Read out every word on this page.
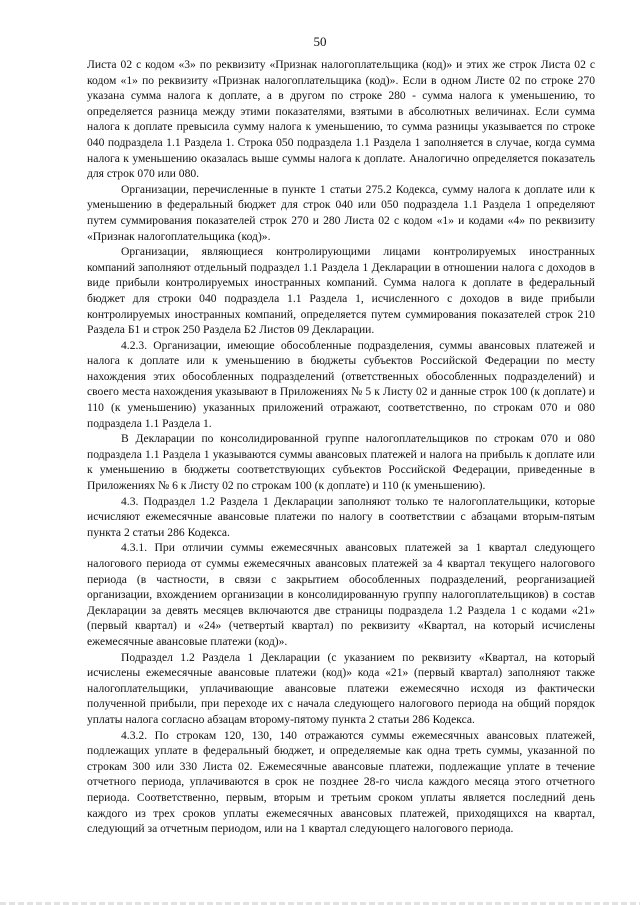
50

Листа 02 с кодом «3» по реквизиту «Признак налогоплательщика (код)» и этих же строк Листа 02 с кодом «1» по реквизиту «Признак налогоплательщика (код)». Если в одном Листе 02 по строке 270 указана сумма налога к доплате, а в другом по строке 280 - сумма налога к уменьшению, то определяется разница между этими показателями, взятыми в абсолютных величинах. Если сумма налога к доплате превысила сумму налога к уменьшению, то сумма разницы указывается по строке 040 подраздела 1.1 Раздела 1. Строка 050 подраздела 1.1 Раздела 1 заполняется в случае, когда сумма налога к уменьшению оказалась выше суммы налога к доплате. Аналогично определяется показатель для строк 070 или 080.

Организации, перечисленные в пункте 1 статьи 275.2 Кодекса, сумму налога к доплате или к уменьшению в федеральный бюджет для строк 040 или 050 подраздела 1.1 Раздела 1 определяют путем суммирования показателей строк 270 и 280 Листа 02 с кодом «1» и кодами «4» по реквизиту «Признак налогоплательщика (код)».

Организации, являющиеся контролирующими лицами контролируемых иностранных компаний заполняют отдельный подраздел 1.1 Раздела 1 Декларации в отношении налога с доходов в виде прибыли контролируемых иностранных компаний. Сумма налога к доплате в федеральный бюджет для строки 040 подраздела 1.1 Раздела 1, исчисленного с доходов в виде прибыли контролируемых иностранных компаний, определяется путем суммирования показателей строк 210 Раздела Б1 и строк 250 Раздела Б2 Листов 09 Декларации.

4.2.3. Организации, имеющие обособленные подразделения, суммы авансовых платежей и налога к доплате или к уменьшению в бюджеты субъектов Российской Федерации по месту нахождения этих обособленных подразделений (ответственных обособленных подразделений) и своего места нахождения указывают в Приложениях № 5 к Листу 02 и данные строк 100 (к доплате) и 110 (к уменьшению) указанных приложений отражают, соответственно, по строкам 070 и 080 подраздела 1.1 Раздела 1.

В Декларации по консолидированной группе налогоплательщиков по строкам 070 и 080 подраздела 1.1 Раздела 1 указываются суммы авансовых платежей и налога на прибыль к доплате или к уменьшению в бюджеты соответствующих субъектов Российской Федерации, приведенные в Приложениях № 6 к Листу 02 по строкам 100 (к доплате) и 110 (к уменьшению).

4.3. Подраздел 1.2 Раздела 1 Декларации заполняют только те налогоплательщики, которые исчисляют ежемесячные авансовые платежи по налогу в соответствии с абзацами вторым-пятым пункта 2 статьи 286 Кодекса.

4.3.1. При отличии суммы ежемесячных авансовых платежей за 1 квартал следующего налогового периода от суммы ежемесячных авансовых платежей за 4 квартал текущего налогового периода (в частности, в связи с закрытием обособленных подразделений, реорганизацией организации, вхождением организации в консолидированную группу налогоплательщиков) в состав Декларации за девять месяцев включаются две страницы подраздела 1.2 Раздела 1 с кодами «21» (первый квартал) и «24» (четвертый квартал) по реквизиту «Квартал, на который исчислены ежемесячные авансовые платежи (код)».

Подраздел 1.2 Раздела 1 Декларации (с указанием по реквизиту «Квартал, на который исчислены ежемесячные авансовые платежи (код)» кода «21» (первый квартал) заполняют также налогоплательщики, уплачивающие авансовые платежи ежемесячно исходя из фактически полученной прибыли, при переходе их с начала следующего налогового периода на общий порядок уплаты налога согласно абзацам второму-пятому пункта 2 статьи 286 Кодекса.

4.3.2. По строкам 120, 130, 140 отражаются суммы ежемесячных авансовых платежей, подлежащих уплате в федеральный бюджет, и определяемые как одна треть суммы, указанной по строкам 300 или 330 Листа 02. Ежемесячные авансовые платежи, подлежащие уплате в течение отчетного периода, уплачиваются в срок не позднее 28-го числа каждого месяца этого отчетного периода. Соответственно, первым, вторым и третьим сроком уплаты является последний день каждого из трех сроков уплаты ежемесячных авансовых платежей, приходящихся на квартал, следующий за отчетным периодом, или на 1 квартал следующего налогового периода.
